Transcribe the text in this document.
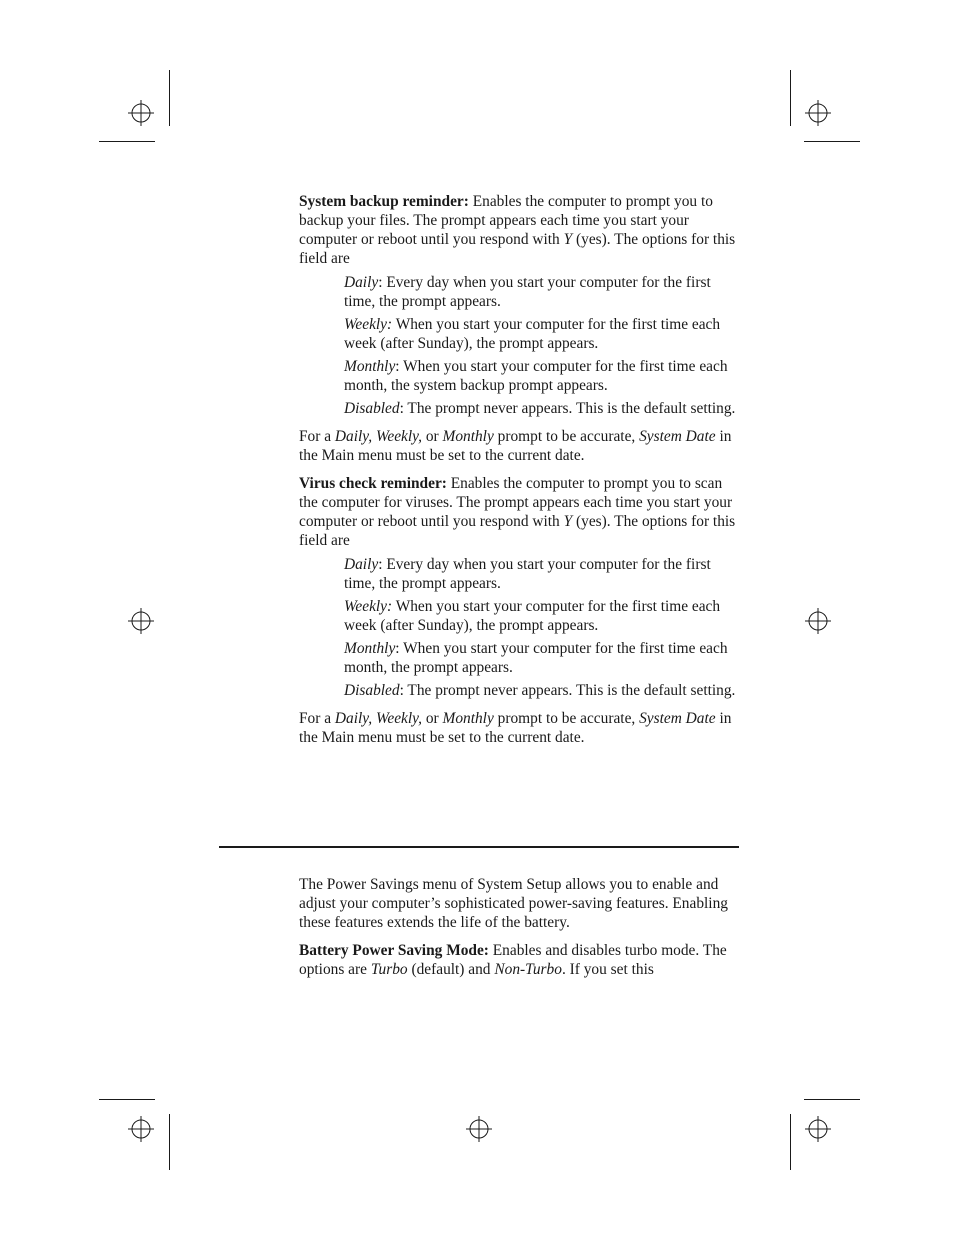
System backup reminder: Enables the computer to prompt you to backup your files. The prompt appears each time you start your computer or reboot until you respond with Y (yes). The options for this field are

Daily: Every day when you start your computer for the first time, the prompt appears.

Weekly: When you start your computer for the first time each week (after Sunday), the prompt appears.

Monthly: When you start your computer for the first time each month, the system backup prompt appears.

Disabled: The prompt never appears. This is the default setting.

For a Daily, Weekly, or Monthly prompt to be accurate, System Date in the Main menu must be set to the current date.

Virus check reminder: Enables the computer to prompt you to scan the computer for viruses. The prompt appears each time you start your computer or reboot until you respond with Y (yes). The options for this field are

Daily: Every day when you start your computer for the first time, the prompt appears.

Weekly: When you start your computer for the first time each week (after Sunday), the prompt appears.

Monthly: When you start your computer for the first time each month, the prompt appears.

Disabled: The prompt never appears. This is the default setting.

For a Daily, Weekly, or Monthly prompt to be accurate, System Date in the Main menu must be set to the current date.

The Power Savings menu of System Setup allows you to enable and adjust your computer’s sophisticated power-saving features. Enabling these features extends the life of the battery.

Battery Power Saving Mode: Enables and disables turbo mode. The options are Turbo (default) and Non-Turbo. If you set this
